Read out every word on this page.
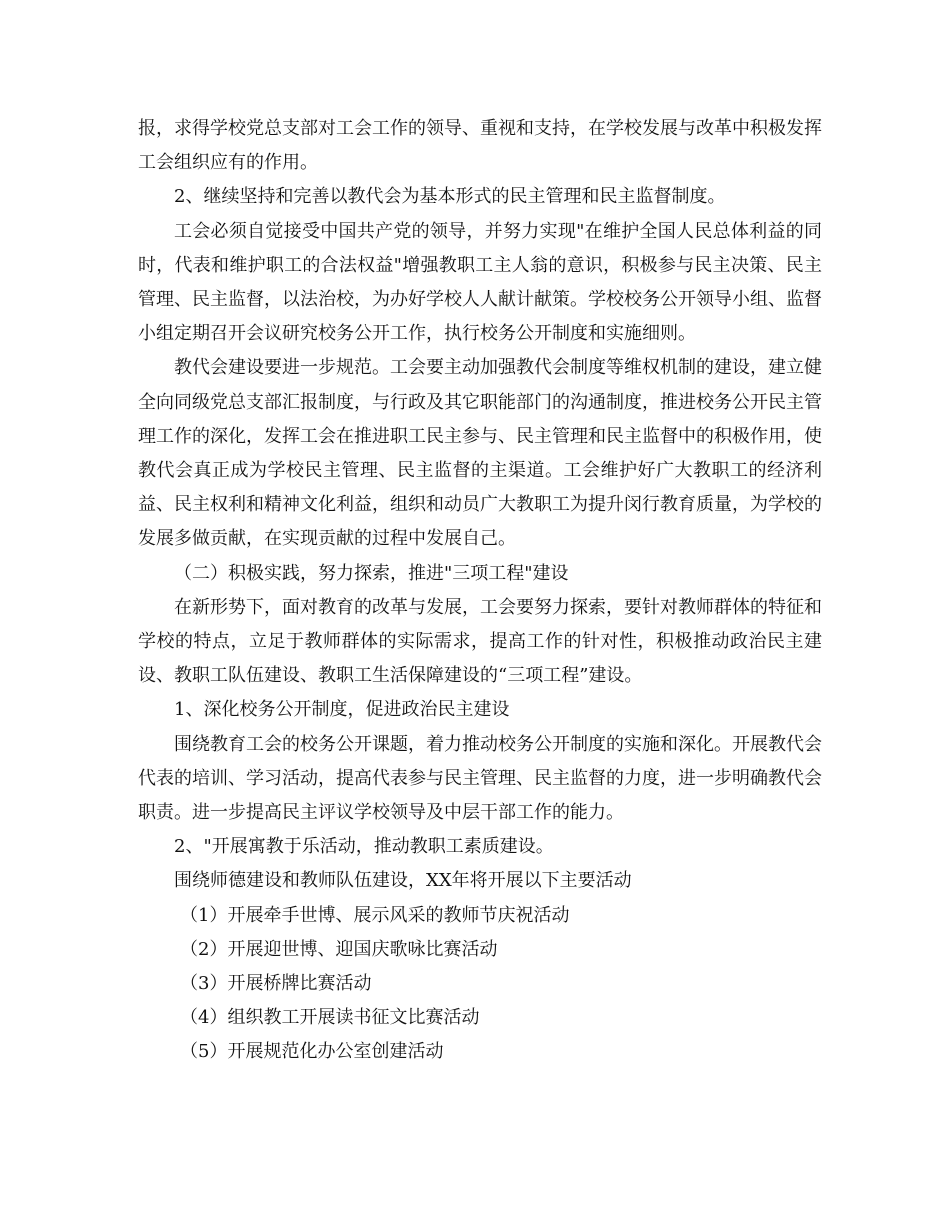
报，求得学校党总支部对工会工作的领导、重视和支持，在学校发展与改革中积极发挥工会组织应有的作用。

2、继续坚持和完善以教代会为基本形式的民主管理和民主监督制度。

工会必须自觉接受中国共产党的领导，并努力实现"在维护全国人民总体利益的同时，代表和维护职工的合法权益"增强教职工主人翁的意识，积极参与民主决策、民主管理、民主监督，以法治校，为办好学校人人献计献策。学校校务公开领导小组、监督小组定期召开会议研究校务公开工作，执行校务公开制度和实施细则。

教代会建设要进一步规范。工会要主动加强教代会制度等维权机制的建设，建立健全向同级党总支部汇报制度，与行政及其它职能部门的沟通制度，推进校务公开民主管理工作的深化，发挥工会在推进职工民主参与、民主管理和民主监督中的积极作用，使教代会真正成为学校民主管理、民主监督的主渠道。工会维护好广大教职工的经济利益、民主权利和精神文化利益，组织和动员广大教职工为提升闵行教育质量，为学校的发展多做贡献，在实现贡献的过程中发展自己。

（二）积极实践，努力探索，推进"三项工程"建设

在新形势下，面对教育的改革与发展，工会要努力探索，要针对教师群体的特征和学校的特点，立足于教师群体的实际需求，提高工作的针对性，积极推动政治民主建设、教职工队伍建设、教职工生活保障建设的“三项工程”建设。

1、深化校务公开制度，促进政治民主建设

围绕教育工会的校务公开课题，着力推动校务公开制度的实施和深化。开展教代会代表的培训、学习活动，提高代表参与民主管理、民主监督的力度，进一步明确教代会职责。进一步提高民主评议学校领导及中层干部工作的能力。

2、"开展寓教于乐活动，推动教职工素质建设。

围绕师德建设和教师队伍建设，XX年将开展以下主要活动

（1）开展牵手世博、展示风采的教师节庆祝活动

（2）开展迎世博、迎国庆歌咏比赛活动

（3）开展桥牌比赛活动

（4）组织教工开展读书征文比赛活动

（5）开展规范化办公室创建活动
